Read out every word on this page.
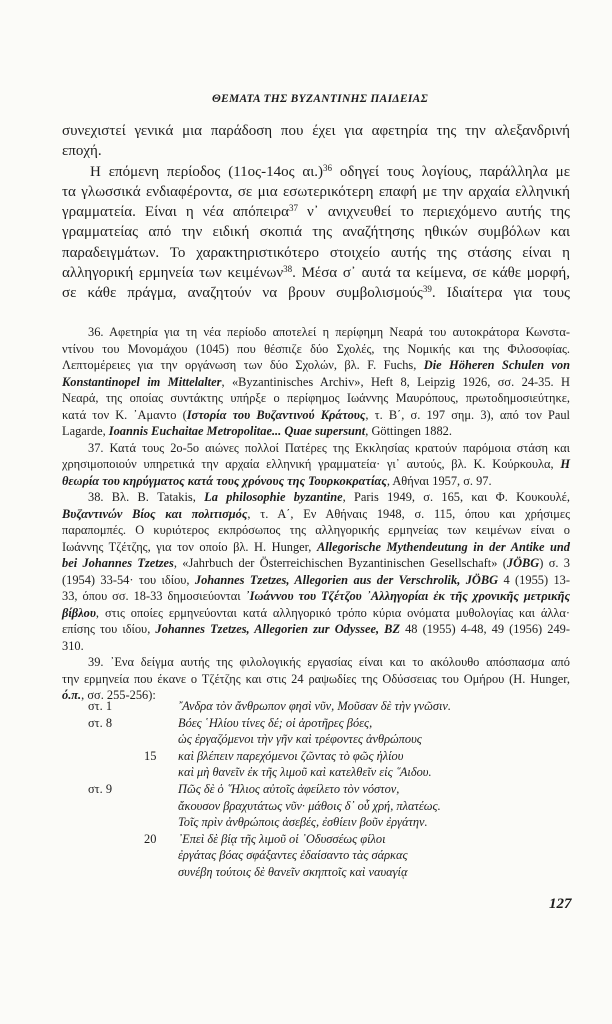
ΘΕΜΑΤΑ ΤΗΣ ΒΥΖΑΝΤΙΝΗΣ ΠΑΙΔΕΙΑΣ
συνεχιστεί γενικά μια παράδοση που έχει για αφετηρία της την αλεξανδρινή
εποχή.
Η επόμενη περίοδος (11ος-14ος αι.)$^{36}$ οδηγεί τους λογίους, παράλληλα με
τα γλωσσικά ενδιαφέροντα, σε μια εσωτερικότερη επαφή με την αρχαία ελληνική
γραμματεία. Είναι η νέα απόπειρα$^{37}$ ν᾽ ανιχνευθεί το περιεχόμενο αυτής της
γραμματείας από την ειδική σκοπιά της αναζήτησης ηθικών συμβόλων και
παραδειγμάτων. Το χαρακτηριστικότερο στοιχείο αυτής της στάσης είναι η
αλληγορική ερμηνεία των κειμένων$^{38}$. Μέσα σ᾽ αυτά τα κείμενα, σε κάθε μορφή,
σε κάθε πράγμα, αναζητούν να βρουν συμβολισμούς$^{39}$. Ιδιαίτερα για τους
36. Αφετηρία για τη νέα περίοδο αποτελεί η περίφημη Νεαρά του αυτοκράτορα Κωνστα-
ντίνου του Μονομάχου (1045) που θέσπιζε δύο Σχολές, της Νομικής και της Φιλοσοφίας.
Λεπτομέρειες για την οργάνωση των δύο Σχολών, βλ. F. Fuchs, Die Höheren Schulen von
Konstantinopel im Mittelalter, «Byzantinisches Archiv», Heft 8, Leipzig 1926, σσ. 24-35. Η
Νεαρά, της οποίας συντάκτης υπήρξε ο περίφημος Ιωάννης Μαυρόπους, πρωτοδημοσιεύτηκε,
κατά τον Κ. ᾽Αμαντο (Ιστορία του Βυζαντινού Κράτους, τ. Β΄, σ. 197 σημ. 3), από τον Paul
Lagarde, Ioannis Euchaitae Metropolitae... Quae supersunt, Göttingen 1882.
37. Κατά τους 2ο-5ο αιώνες πολλοί Πατέρες της Εκκλησίας κρατούν παρόμοια στάση και
χρησιμοποιούν υπηρετικά την αρχαία ελληνική γραμματεία· γι᾽ αυτούς, βλ. Κ. Κούρκουλα, Η
θεωρία του κηρύγματος κατά τους χρόνους της Τουρκοκρατίας, Αθήναι 1957, σ. 97.
38. Βλ. Β. Tatakis, La philosophie byzantine, Paris 1949, σ. 165, και Φ. Κουκουλέ,
Βυζαντινών Βίος και πολιτισμός, τ. Α΄, Εν Αθήναις 1948, σ. 115, όπου και χρήσιμες
παραπομπές. Ο κυριότερος εκπρόσωπος της αλληγορικής ερμηνείας των κειμένων είναι ο
Ιωάννης Τζέτζης, για τον οποίο βλ. H. Hunger, Allegorische Mythendeutung in der Antike und
bei Johannes Tzetzes, «Jahrbuch der Österreichischen Byzantinischen Gesellschaft» (JÖBG) σ. 3
(1954) 33-54· του ιδίου, Johannes Tzetzes, Allegorien aus der Verschrolik, JÖBG 4 (1955) 13-
33, όπου σσ. 18-33 δημοσιεύονται ᾽Ιωάννου του Τζέτζου ᾽Αλληγορίαι ἐκ τῆς χρονικῆς μετρικῆς
βίβλου, στις οποίες ερμηνεύονται κατά αλληγορικό τρόπο κύρια ονόματα μυθολογίας και άλλα·
επίσης του ιδίου, Johannes Tzetzes, Allegorien zur Odyssee, BZ 48 (1955) 4-48, 49 (1956) 249-
310.
39. ᾽Ενα δείγμα αυτής της φιλολογικής εργασίας είναι και το ακόλουθο απόσπασμα από
την ερμηνεία που έκανε ο Τζέτζης και στις 24 ραψωδίες της Οδύσσειας του Ομήρου (H. Hunger,
ό.π., σσ. 255-256):
στ. 1	῎Ανδρα τὸν ἄνθρωπον φησὶ νῦν, Μοῦσαν δὲ τὴν γνῶσιν.
στ. 8	Βόες ῾Ηλίου τίνες δέ; οἱ ἀροτῆρες βόες,
ὡς ἐργαζόμενοι τὴν γῆν καὶ τρέφοντες ἀνθρώπους
15 καὶ βλέπειν παρεχόμενοι ζῶντας τὸ φῶς ἡλίου
καὶ μὴ θανεῖν ἐκ τῆς λιμοῦ καὶ κατελθεῖν εἰς ῞Αιδου.
στ. 9	Πῶς δὲ ὁ ῞Ηλιος αὐτοῖς ἀφείλετο τὸν νόστον,
ἄκουσον βραχυτάτως νῦν· μάθοις δ᾽ οὗ χρή, πλατέως.
Τοῖς πρὶν ἀνθρώποις ἀσεβές, ἐσθίειν βοῦν ἐργάτην.
20 ᾽Επεὶ δὲ βίᾳ τῆς λιμοῦ οἱ ᾽Οδυσσέως φίλοι
ἐργάτας βόας σφάξαντες ἐδαίσαντο τὰς σάρκας
συνέβη τούτοις δὲ θανεῖν σκηπτοῖς καὶ ναυαγίᾳ
127
